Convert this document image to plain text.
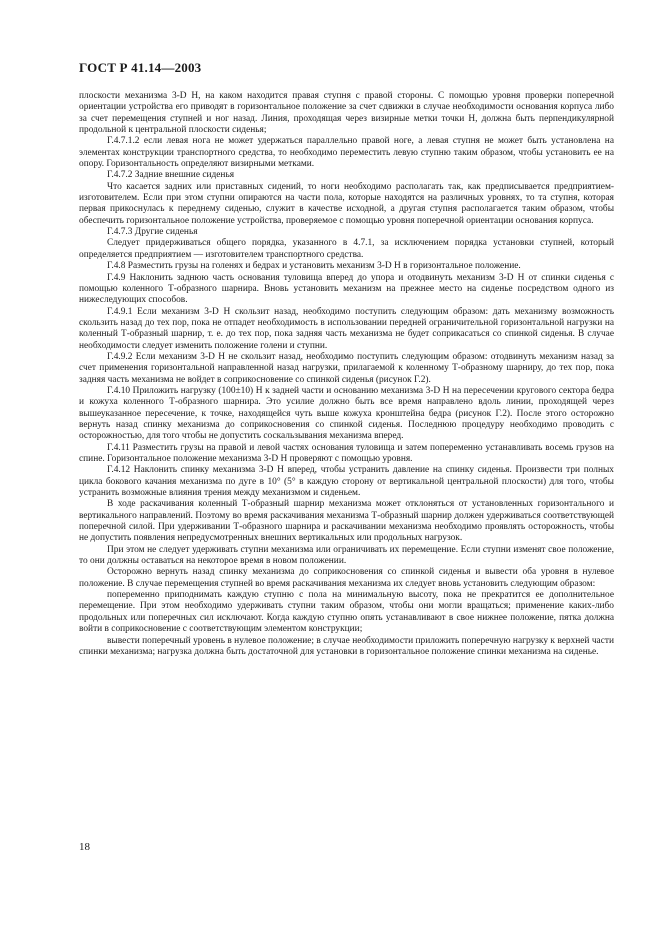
ГОСТ Р 41.14—2003

плоскости механизма 3-D Н, на каком находится правая ступня с правой стороны. С помощью уровня проверки поперечной ориентации устройства его приводят в горизонтальное положение за счет сдвижки в случае необходимости основания корпуса либо за счет перемещения ступней и ног назад. Линия, проходящая через визирные метки точки Н, должна быть перпендикулярной продольной к центральной плоскости сиденья;

Г.4.7.1.2 если левая нога не может удержаться параллельно правой ноге, а левая ступня не может быть установлена на элементах конструкции транспортного средства, то необходимо переместить левую ступню таким образом, чтобы установить ее на опору. Горизонтальность определяют визирными метками.

Г.4.7.2 Задние внешние сиденья

Что касается задних или приставных сидений, то ноги необходимо располагать так, как предписывается предприятием-изготовителем. Если при этом ступни опираются на части пола, которые находятся на различных уровнях, то та ступня, которая первая прикоснулась к переднему сиденью, служит в качестве исходной, а другая ступня располагается таким образом, чтобы обеспечить горизонтальное положение устройства, проверяемое с помощью уровня поперечной ориентации основания корпуса.

Г.4.7.3 Другие сиденья

Следует придерживаться общего порядка, указанного в 4.7.1, за исключением порядка установки ступней, который определяется предприятием — изготовителем транспортного средства.

Г.4.8 Разместить грузы на голенях и бедрах и установить механизм 3-D Н в горизонтальное положение.

Г.4.9 Наклонить заднюю часть основания туловища вперед до упора и отодвинуть механизм 3-D Н от спинки сиденья с помощью коленного Т-образного шарнира. Вновь установить механизм на прежнее место на сиденье посредством одного из нижеследующих способов.

Г.4.9.1 Если механизм 3-D Н скользит назад, необходимо поступить следующим образом: дать механизму возможность скользить назад до тех пор, пока не отпадет необходимость в использовании передней ограничительной горизонтальной нагрузки на коленный Т-образный шарнир, т. е. до тех пор, пока задняя часть механизма не будет соприкасаться со спинкой сиденья. В случае необходимости следует изменить положение голени и ступни.

Г.4.9.2 Если механизм 3-D Н не скользит назад, необходимо поступить следующим образом: отодвинуть механизм назад за счет применения горизонтальной направленной назад нагрузки, прилагаемой к коленному Т-образному шарниру, до тех пор, пока задняя часть механизма не войдет в соприкосновение со спинкой сиденья (рисунок Г.2).

Г.4.10 Приложить нагрузку (100±10) Н к задней части и основанию механизма 3-D Н на пересечении кругового сектора бедра и кожуха коленного Т-образного шарнира. Это усилие должно быть все время направлено вдоль линии, проходящей через вышеуказанное пересечение, к точке, находящейся чуть выше кожуха кронштейна бедра (рисунок Г.2). После этого осторожно вернуть назад спинку механизма до соприкосновения со спинкой сиденья. Последнюю процедуру необходимо проводить с осторожностью, для того чтобы не допустить соскальзывания механизма вперед.

Г.4.11 Разместить грузы на правой и левой частях основания туловища и затем попеременно устанавливать восемь грузов на спине. Горизонтальное положение механизма 3-D Н проверяют с помощью уровня.

Г.4.12 Наклонить спинку механизма 3-D Н вперед, чтобы устранить давление на спинку сиденья. Произвести три полных цикла бокового качания механизма по дуге в 10° (5° в каждую сторону от вертикальной центральной плоскости) для того, чтобы устранить возможные влияния трения между механизмом и сиденьем.

В ходе раскачивания коленный Т-образный шарнир механизма может отклоняться от установленных горизонтального и вертикального направлений. Поэтому во время раскачивания механизма Т-образный шарнир должен удерживаться соответствующей поперечной силой. При удерживании Т-образного шарнира и раскачивании механизма необходимо проявлять осторожность, чтобы не допустить появления непредусмотренных внешних вертикальных или продольных нагрузок.

При этом не следует удерживать ступни механизма или ограничивать их перемещение. Если ступни изменят свое положение, то они должны оставаться на некоторое время в новом положении.

Осторожно вернуть назад спинку механизма до соприкосновения со спинкой сиденья и вывести оба уровня в нулевое положение. В случае перемещения ступней во время раскачивания механизма их следует вновь установить следующим образом:

попеременно приподнимать каждую ступню с пола на минимальную высоту, пока не прекратится ее дополнительное перемещение. При этом необходимо удерживать ступни таким образом, чтобы они могли вращаться; применение каких-либо продольных или поперечных сил исключают. Когда каждую ступню опять устанавливают в свое нижнее положение, пятка должна войти в соприкосновение с соответствующим элементом конструкции;

вывести поперечный уровень в нулевое положение; в случае необходимости приложить поперечную нагрузку к верхней части спинки механизма; нагрузка должна быть достаточной для установки в горизонтальное положение спинки механизма на сиденье.

18
